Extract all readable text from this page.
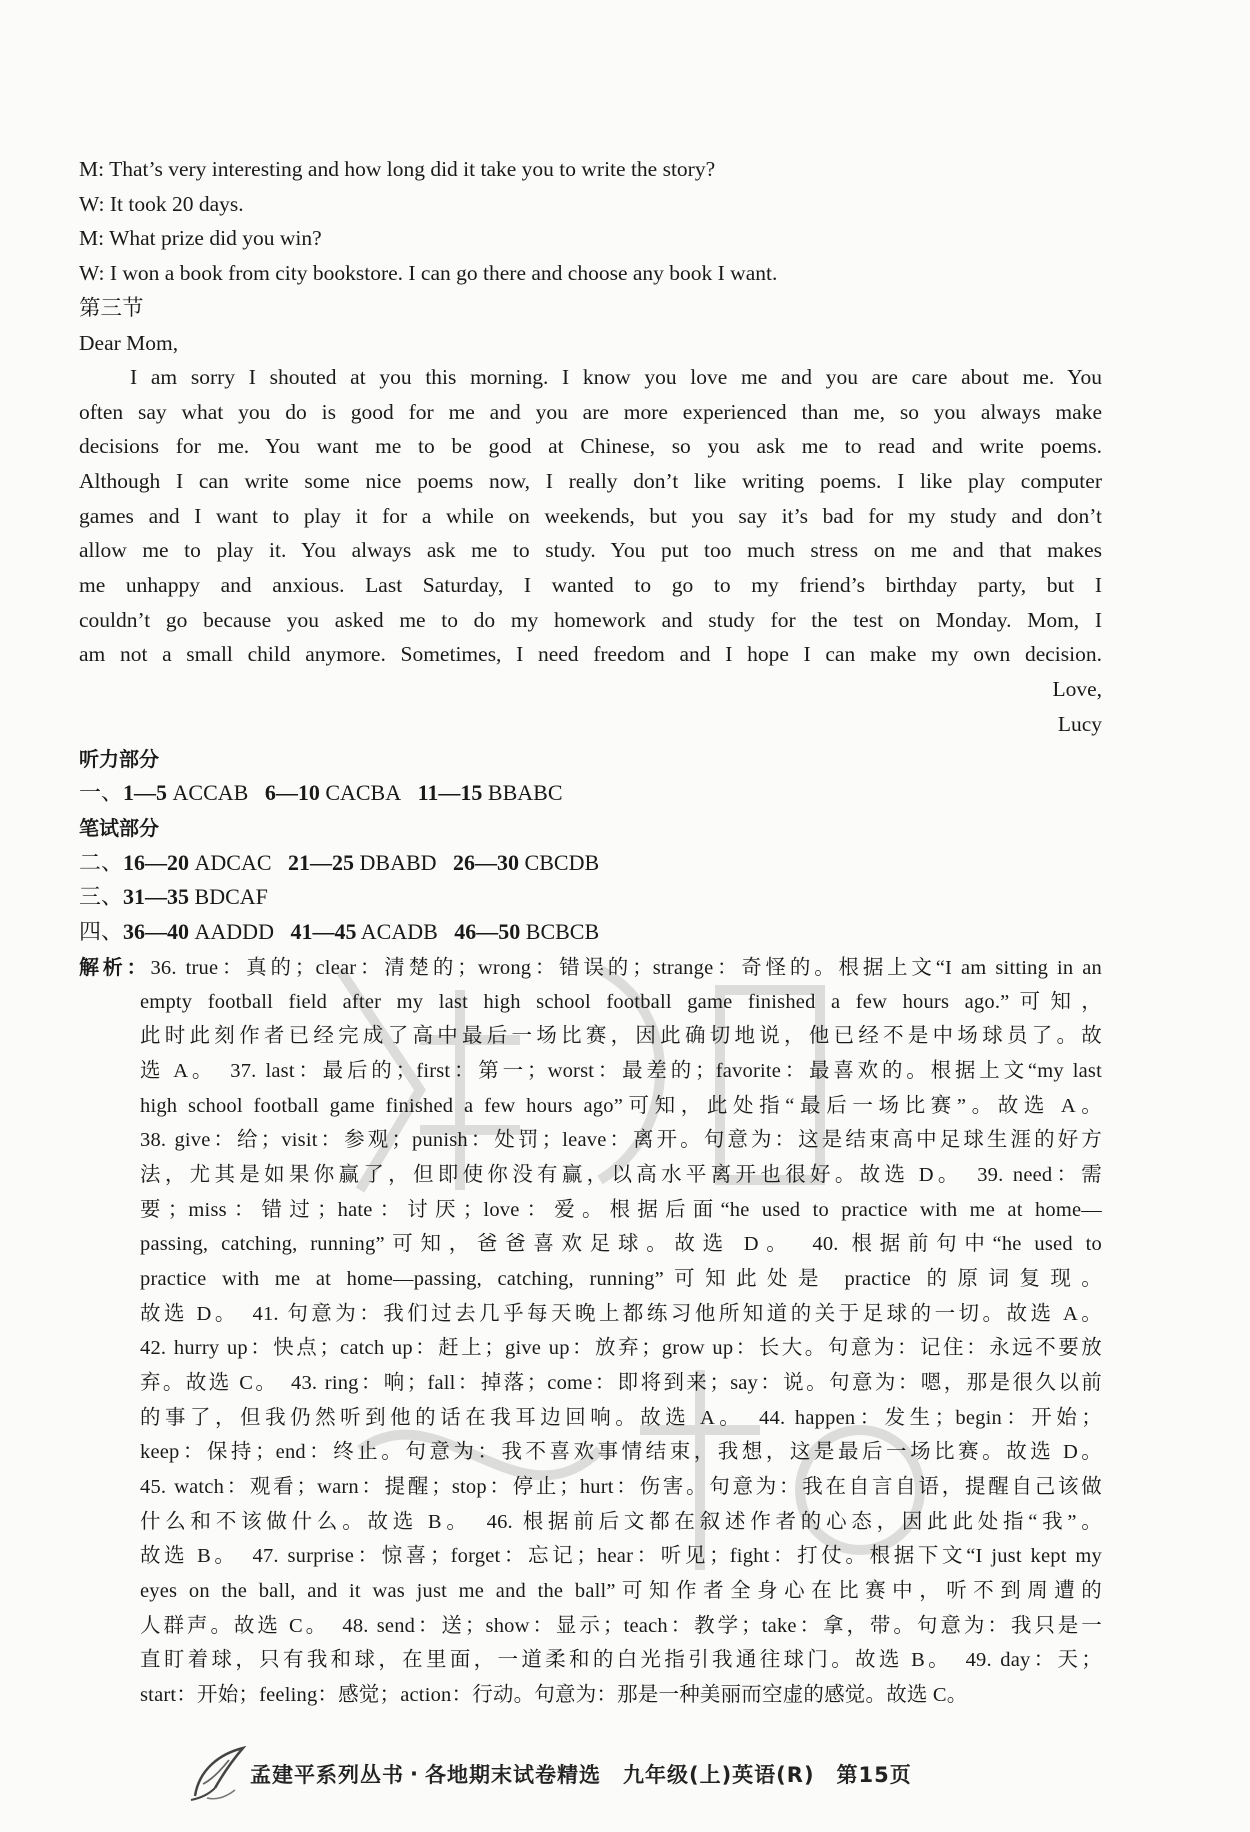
M: That’s very interesting and how long did it take you to write the story?
W: It took 20 days.
M: What prize did you win?
W: I won a book from city bookstore. I can go there and choose any book I want.
第三节
Dear Mom,
I am sorry I shouted at you this morning. I know you love me and you are care about me. You
often say what you do is good for me and you are more experienced than me, so you always make
decisions for me. You want me to be good at Chinese, so you ask me to read and write poems.
Although I can write some nice poems now, I really don’t like writing poems. I like play computer
games and I want to play it for a while on weekends, but you say it’s bad for my study and don’t
allow me to play it. You always ask me to study. You put too much stress on me and that makes
me unhappy and anxious. Last Saturday, I wanted to go to my friend’s birthday party, but I
couldn’t go because you asked me to do my homework and study for the test on Monday. Mom, I
am not a small child anymore. Sometimes, I need freedom and I hope I can make my own decision.
Love,
Lucy
听力部分
一、1—5 ACCAB 6—10 CACBA 11—15 BBABC
笔试部分
二、16—20 ADCAC 21—25 DBABD 26—30 CBCDB
三、31—35 BDCAF
四、36—40 AADDD 41—45 ACADB 46—50 BCBCB
解析：36. true：真的；clear：清楚的；wrong：错误的；strange：奇怪的。根据上文“I am sitting in an
empty football field after my last high school football game finished a few hours ago.”可知，
此时此刻作者已经完成了高中最后一场比赛，因此确切地说，他已经不是中场球员了。故
选 A。　37. last：最后的；first：第一；worst：最差的；favorite：最喜欢的。根据上文“my last
high school football game finished a few hours ago”可知，此处指“最后一场比赛”。故选 A。
38. give：给；visit：参观；punish：处罚；leave：离开。句意为：这是结束高中足球生涯的好方
法，尤其是如果你赢了，但即使你没有赢，以高水平离开也很好。故选 D。　39. need：需
要；miss：错过；hate：讨厌；love：爱。根据后面“he used to practice with me at home—
passing, catching, running”可知，爸爸喜欢足球。故选 D。　40. 根据前句中“he used to
practice with me at home—passing, catching, running”可知此处是 practice 的原词复现。
故选 D。　41. 句意为：我们过去几乎每天晚上都练习他所知道的关于足球的一切。故选 A。
42. hurry up：快点；catch up：赶上；give up：放弃；grow up：长大。句意为：记住：永远不要放
弃。故选 C。　43. ring：响；fall：掉落；come：即将到来；say：说。句意为：嗯，那是很久以前
的事了，但我仍然听到他的话在我耳边回响。故选 A。　44. happen：发生；begin：开始；
keep：保持；end：终止。句意为：我不喜欢事情结束，我想，这是最后一场比赛。故选 D。
45. watch：观看；warn：提醒；stop：停止；hurt：伤害。句意为：我在自言自语，提醒自己该做
什么和不该做什么。故选 B。　46. 根据前后文都在叙述作者的心态，因此此处指“我”。
故选 B。　47. surprise：惊喜；forget：忘记；hear：听见；fight：打仗。根据下文“I just kept my
eyes on the ball, and it was just me and the ball”可知作者全身心在比赛中，听不到周遭的
人群声。故选 C。　48. send：送；show：显示；teach：教学；take：拿，带。句意为：我只是一
直盯着球，只有我和球，在里面，一道柔和的白光指引我通往球门。故选 B。　49. day：天；
start：开始；feeling：感觉；action：行动。句意为：那是一种美丽而空虚的感觉。故选 C。
孟建平系列丛书 · 各地期末试卷精选 九年级(上)英语(R) 第15页
